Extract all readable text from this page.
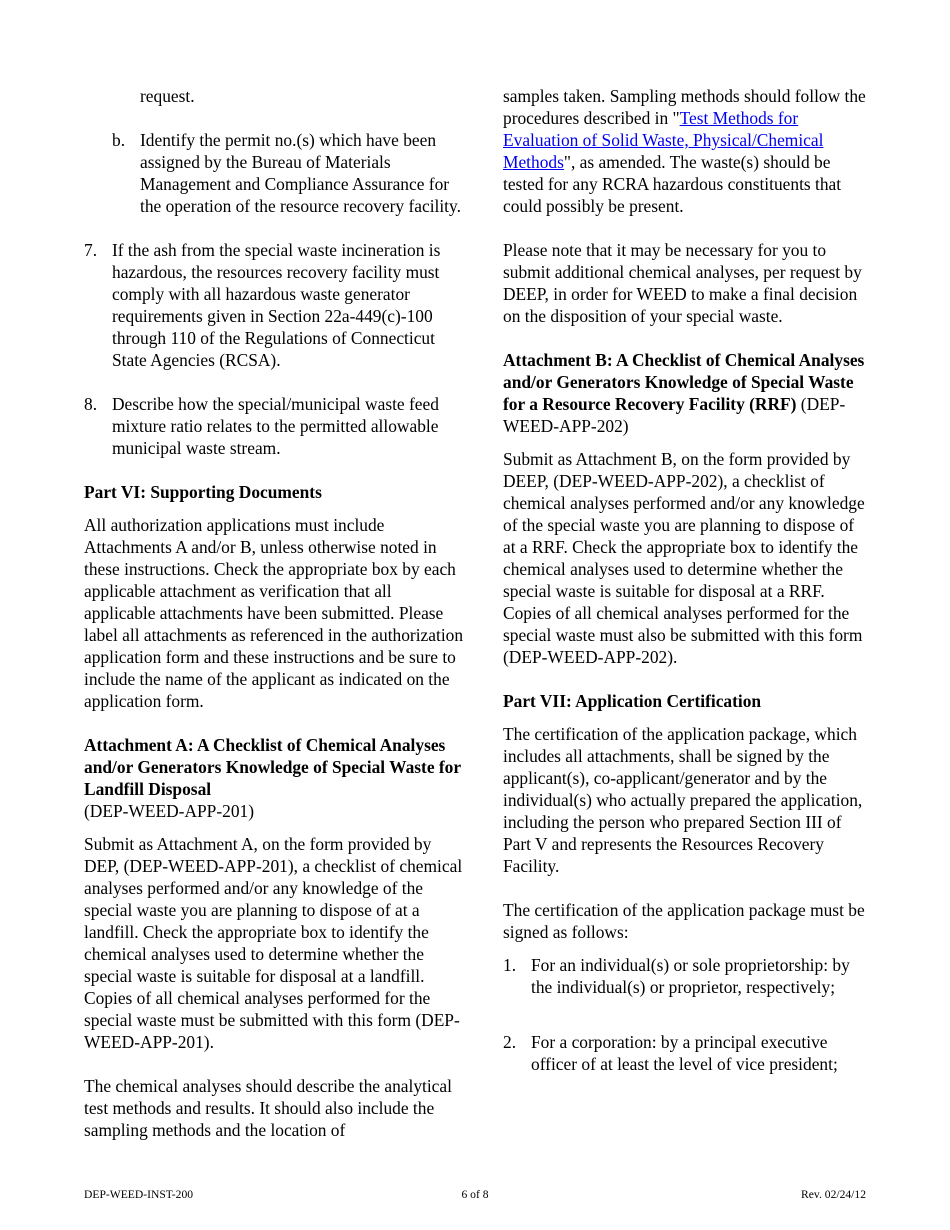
request.

b. Identify the permit no.(s) which have been assigned by the Bureau of Materials Management and Compliance Assurance for the operation of the resource recovery facility.

7. If the ash from the special waste incineration is hazardous, the resources recovery facility must comply with all hazardous waste generator requirements given in Section 22a-449(c)-100 through 110 of the Regulations of Connecticut State Agencies (RCSA).

8. Describe how the special/municipal waste feed mixture ratio relates to the permitted allowable municipal waste stream.

Part VI: Supporting Documents

All authorization applications must include Attachments A and/or B, unless otherwise noted in these instructions. Check the appropriate box by each applicable attachment as verification that all applicable attachments have been submitted. Please label all attachments as referenced in the authorization application form and these instructions and be sure to include the name of the applicant as indicated on the application form.

Attachment A: A Checklist of Chemical Analyses and/or Generators Knowledge of Special Waste for Landfill Disposal
(DEP-WEED-APP-201)

Submit as Attachment A, on the form provided by DEP, (DEP-WEED-APP-201), a checklist of chemical analyses performed and/or any knowledge of the special waste you are planning to dispose of at a landfill. Check the appropriate box to identify the chemical analyses used to determine whether the special waste is suitable for disposal at a landfill. Copies of all chemical analyses performed for the special waste must be submitted with this form (DEP-WEED-APP-201).

The chemical analyses should describe the analytical test methods and results. It should also include the sampling methods and the location of

samples taken. Sampling methods should follow the procedures described in "Test Methods for Evaluation of Solid Waste, Physical/Chemical Methods", as amended. The waste(s) should be tested for any RCRA hazardous constituents that could possibly be present.

Please note that it may be necessary for you to submit additional chemical analyses, per request by DEEP, in order for WEED to make a final decision on the disposition of your special waste.

Attachment B: A Checklist of Chemical Analyses and/or Generators Knowledge of Special Waste for a Resource Recovery Facility (RRF) (DEP-WEED-APP-202)

Submit as Attachment B, on the form provided by DEEP, (DEP-WEED-APP-202), a checklist of chemical analyses performed and/or any knowledge of the special waste you are planning to dispose of at a RRF. Check the appropriate box to identify the chemical analyses used to determine whether the special waste is suitable for disposal at a RRF. Copies of all chemical analyses performed for the special waste must also be submitted with this form (DEP-WEED-APP-202).

Part VII: Application Certification

The certification of the application package, which includes all attachments, shall be signed by the applicant(s), co-applicant/generator and by the individual(s) who actually prepared the application, including the person who prepared Section III of Part V and represents the Resources Recovery Facility.

The certification of the application package must be signed as follows:

1. For an individual(s) or sole proprietorship: by the individual(s) or proprietor, respectively;

2. For a corporation: by a principal executive officer of at least the level of vice president;

DEP-WEED-INST-200	6 of 8	Rev. 02/24/12
